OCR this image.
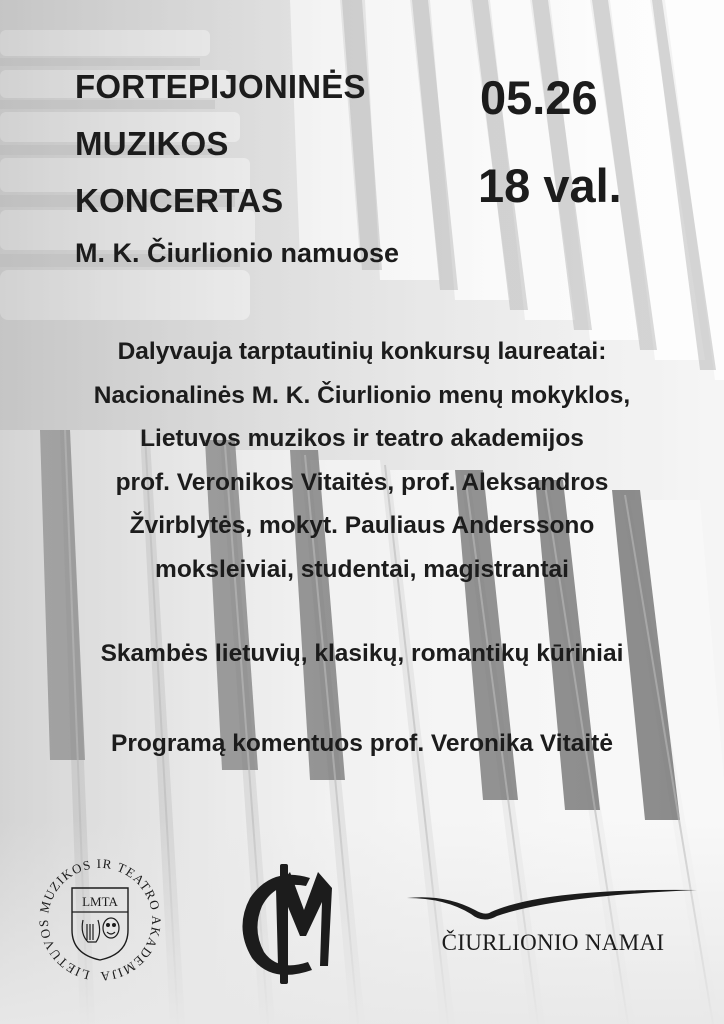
FORTEPIJONINĖS
MUZIKOS
KONCERTAS
M. K. Čiurlionio namuose
05.26
18 val.
Dalyvauja tarptautinių konkursų laureatai:
Nacionalinės M. K. Čiurlionio menų mokyklos,
Lietuvos muzikos ir teatro akademijos
prof. Veronikos Vitaitės, prof. Aleksandros
Žvirblytės, mokyt. Pauliaus Anderssono
moksleiviai, studentai, magistrantai
Skambės lietuvių, klasikų, romantikų kūriniai
Programą komentuos prof. Veronika Vitaitė
LIETUVOS MUZIKOS IR TEATRO AKADEMIJA
LMTA
ČIURLIONIO NAMAI
